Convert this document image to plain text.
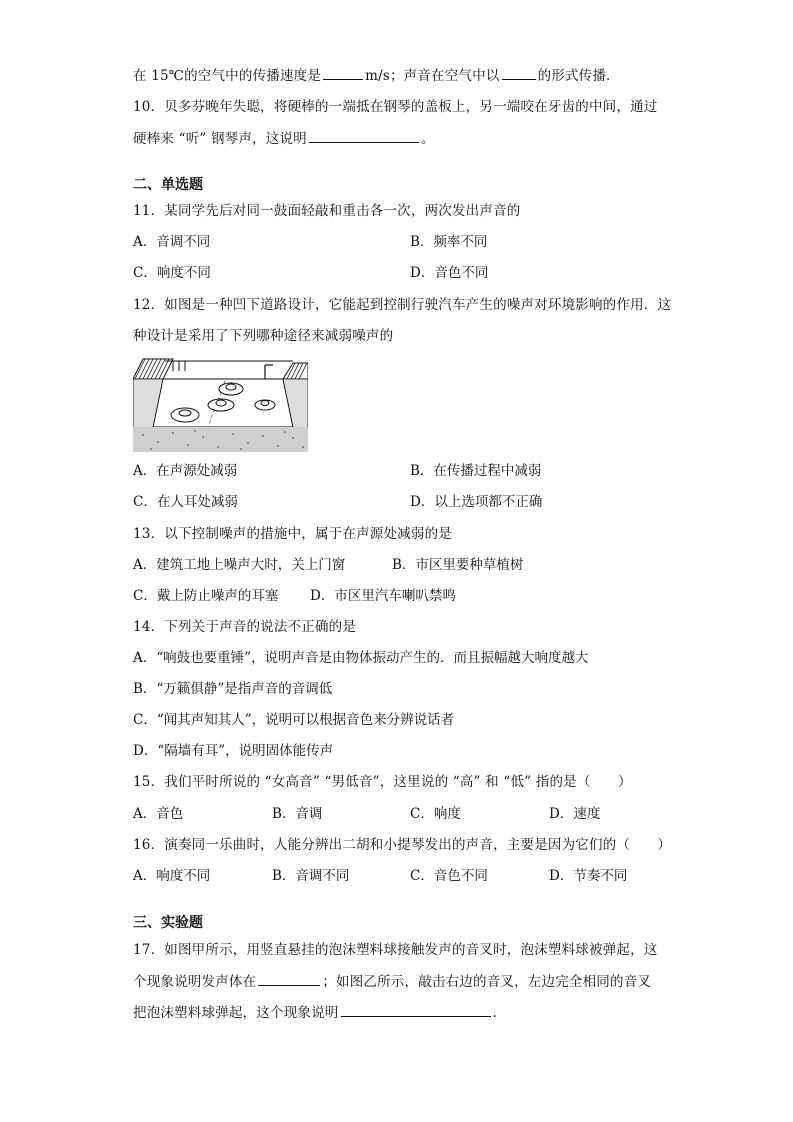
在 15℃的空气中的传播速度是	m/s；声音在空气中以	的形式传播．
10．贝多芬晚年失聪，将硬棒的一端抵在钢琴的盖板上，另一端咬在牙齿的中间，通过
硬棒来 “听” 钢琴声，这说明	。
二、单选题
11．某同学先后对同一鼓面轻敲和重击各一次，两次发出声音的
A．音调不同	B．频率不同
C．响度不同	D．音色不同
12．如图是一种凹下道路设计，它能起到控制行驶汽车产生的噪声对环境影响的作用．这
种设计是采用了下列哪种途径来减弱噪声的
A．在声源处减弱	B．在传播过程中减弱
C．在人耳处减弱	D．以上选项都不正确
13．以下控制噪声的措施中，属于在声源处减弱的是
A．建筑工地上噪声大时，关上门窗	B．市区里要种草植树
C．戴上防止噪声的耳塞 D．市区里汽车喇叭禁鸣
14．下列关于声音的说法不正确的是
A．“响鼓也要重锤”，说明声音是由物体振动产生的．而且振幅越大响度越大
B．“万籁俱静”是指声音的音调低
C．“闻其声知其人”，说明可以根据音色来分辨说话者
D．“隔墙有耳”，说明固体能传声
15．我们平时所说的 “女高音” “男低音”，这里说的 “高” 和 “低” 指的是（　　）
A．音色	B．音调	C．响度	D．速度
16．演奏同一乐曲时，人能分辨出二胡和小提琴发出的声音，主要是因为它们的（　　）
A．响度不同	B．音调不同	C．音色不同	D．节奏不同
三、实验题
17．如图甲所示，用竖直悬挂的泡沫塑料球接触发声的音叉时，泡沫塑料球被弹起，这
个现象说明发声体在	；如图乙所示，敲击右边的音叉，左边完全相同的音叉
把泡沫塑料球弹起，这个现象说明	.
